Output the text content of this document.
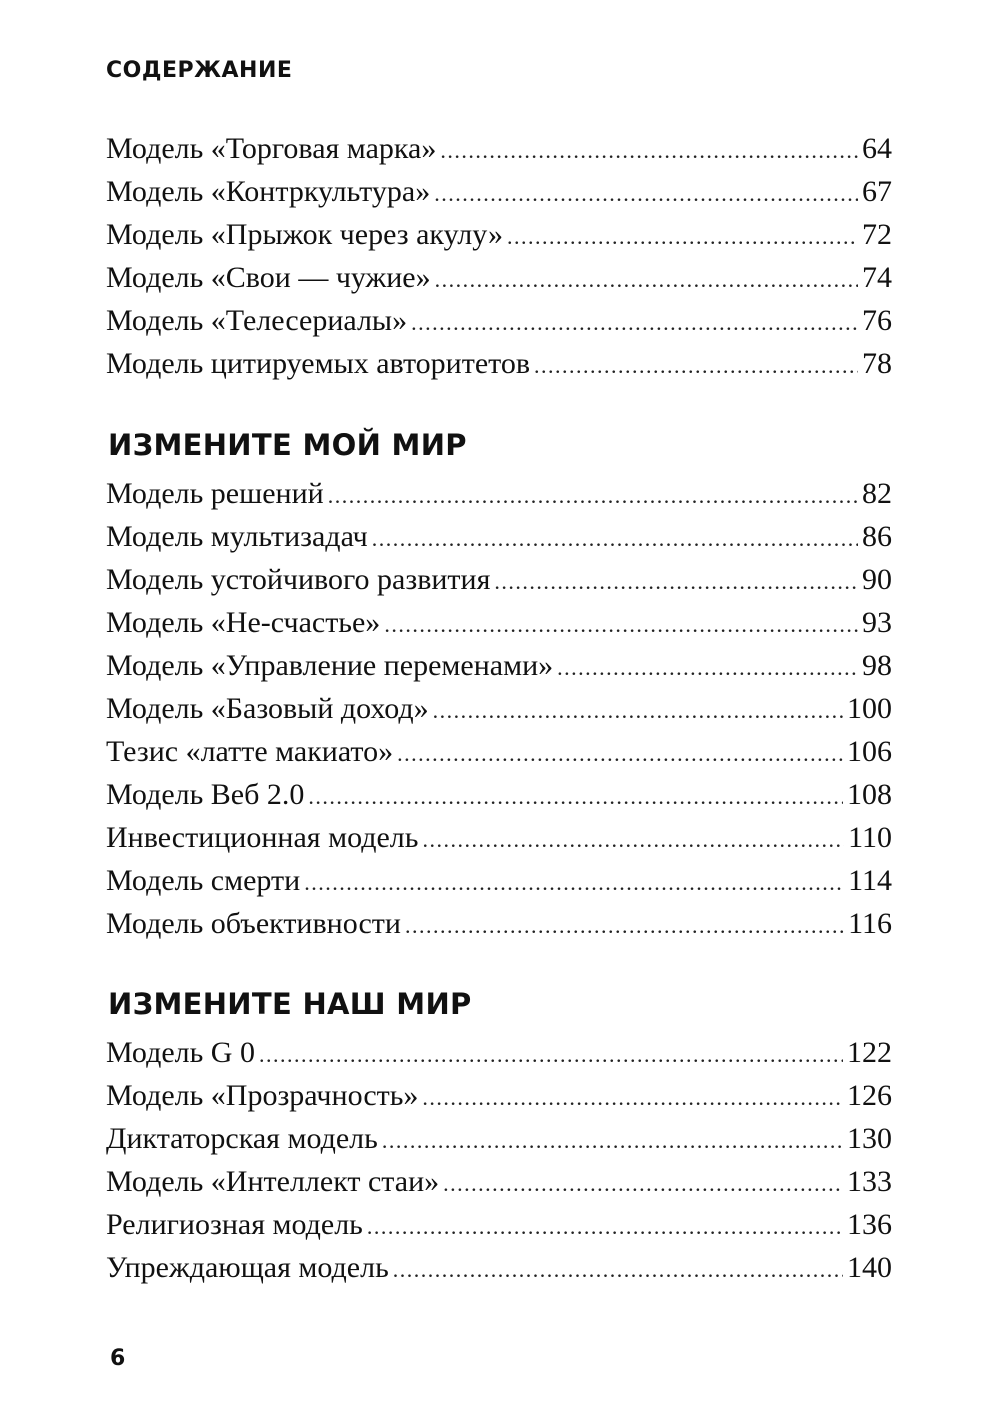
СОДЕРЖАНИЕ
Модель «Торговая марка» .....	64
Модель «Контркультура» .....	67
Модель «Прыжок через акулу» .....	72
Модель «Свои — чужие» .....	74
Модель «Телесериалы» .....	76
Модель цитируемых авторитетов .....	78
ИЗМЕНИТЕ МОЙ МИР
Модель решений .....	82
Модель мультизадач .....	86
Модель устойчивого развития .....	90
Модель «Не-счастье» .....	93
Модель «Управление переменами» .....	98
Модель «Базовый доход» .....	100
Тезис «латте макиато» .....	106
Модель Веб 2.0 .....	108
Инвестиционная модель .....	110
Модель смерти .....	114
Модель объективности .....	116
ИЗМЕНИТЕ НАШ МИР
Модель G 0 .....	122
Модель «Прозрачность» .....	126
Диктаторская модель .....	130
Модель «Интеллект стаи» .....	133
Религиозная модель .....	136
Упреждающая модель .....	140

6
